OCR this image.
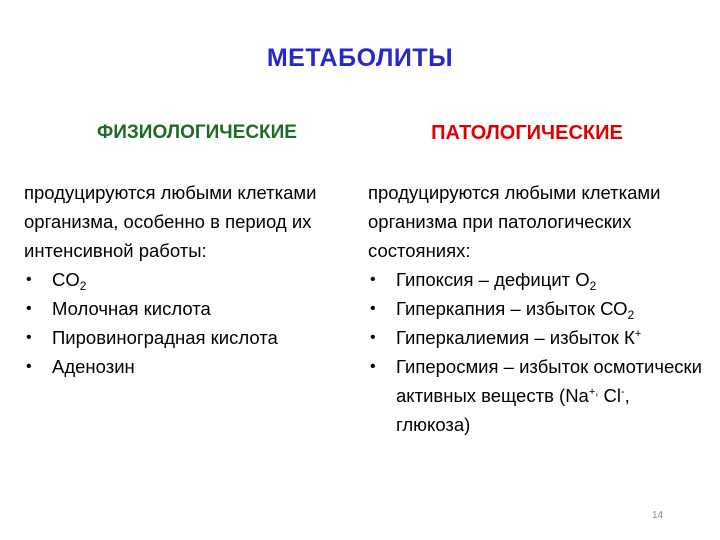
МЕТАБОЛИТЫ
ФИЗИОЛОГИЧЕСКИЕ	ПАТОЛОГИЧЕСКИЕ

продуцируются любыми клетками организма, особенно в период их интенсивной работы:

• $CO_2$
• Молочная кислота
• Пировиноградная кислота
• Аденозин

продуцируются любыми клетками организма при патологических состояниях:

• Гипоксия – дефицит $О_2$
• Гиперкапния – избыток $СО_2$
• Гиперкалиемия – избыток К+
• Гиперосмия – избыток осмотически активных веществ (Na+, Cl-, глюкоза)
14
